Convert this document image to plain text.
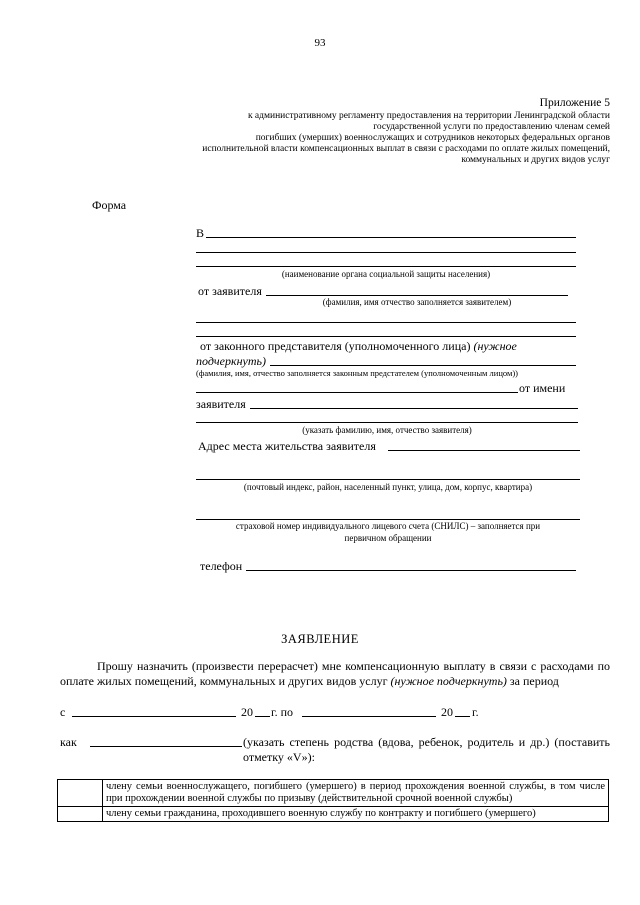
93
Приложение 5
к административному регламенту предоставления на территории Ленинградской области
государственной услуги по предоставлению членам семей
погибших (умерших) военнослужащих и сотрудников некоторых федеральных органов
исполнительной власти компенсационных выплат в связи с расходами по оплате жилых помещений,
коммунальных и других видов услуг
Форма
В
(наименование органа социальной защиты населения)
от заявителя
(фамилия, имя отчество заполняется заявителем)
от законного представителя (уполномоченного лица) (нужное
подчеркнуть)
(фамилия, имя, отчество заполняется законным предстателем (уполномоченным лицом))
от имени
заявителя
(указать фамилию, имя, отчество заявителя)
Адрес места жительства заявителя
(почтовый индекс, район, населенный пункт, улица, дом, корпус, квартира)
страховой номер индивидуального лицевого счета (СНИЛС) – заполняется при
первичном обращении
телефон
ЗАЯВЛЕНИЕ
Прошу назначить (произвести перерасчет) мне компенсационную выплату в связи с расходами по оплате жилых помещений, коммунальных и других видов услуг (нужное подчеркнуть) за период
с	20 г. по	20 г.
как	(указать степень родства (вдова, ребенок, родитель и др.) (поставить отметку «V»):
	члену семьи военнослужащего, погибшего (умершего) в период прохождения военной службы, в том числе при прохождении военной службы по призыву (действительной срочной военной службы)
	члену семьи гражданина, проходившего военную службу по контракту и погибшего (умершего)
